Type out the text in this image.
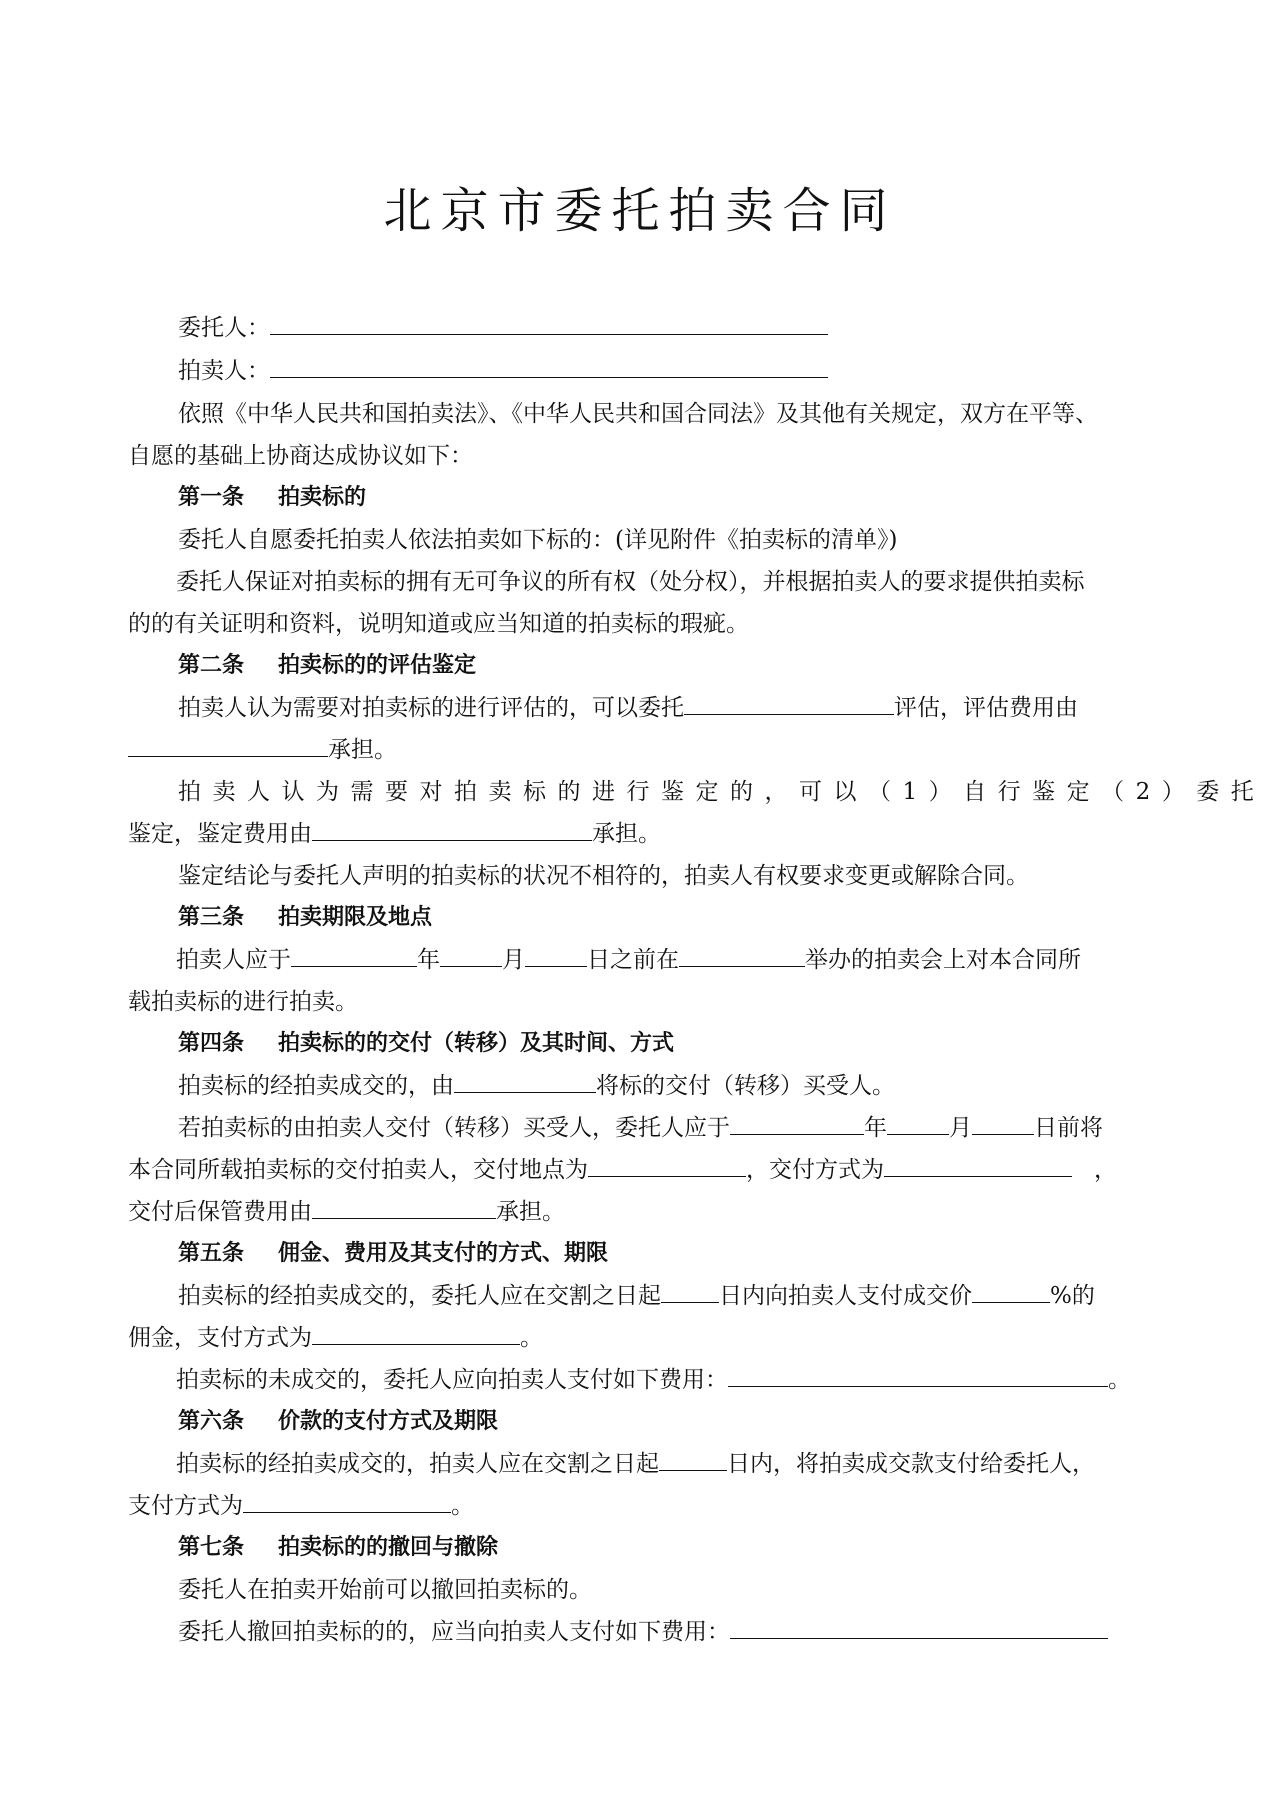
北京市委托拍卖合同
委托人：
拍卖人：
依照《中华人民共和国拍卖法》、《中华人民共和国合同法》及其他有关规定，双方在平等、
自愿的基础上协商达成协议如下：
第一条 拍卖标的
委托人自愿委托拍卖人依法拍卖如下标的：(详见附件《拍卖标的清单》)
委托人保证对拍卖标的拥有无可争议的所有权（处分权），并根据拍卖人的要求提供拍卖标
的的有关证明和资料，说明知道或应当知道的拍卖标的瑕疵。
第二条 拍卖标的的评估鉴定
拍卖人认为需要对拍卖标的进行评估的，可以委托	评估，评估费用由
承担。
拍卖人认为需要对拍卖标的进行鉴定的，可以（1）自行鉴定（2）委托
鉴定，鉴定费用由	承担。
鉴定结论与委托人声明的拍卖标的状况不相符的，拍卖人有权要求变更或解除合同。
第三条 拍卖期限及地点
拍卖人应于	年	月	日之前在	举办的拍卖会上对本合同所
载拍卖标的进行拍卖。
第四条 拍卖标的的交付（转移）及其时间、方式
拍卖标的经拍卖成交的，由	将标的交付（转移）买受人。
若拍卖标的由拍卖人交付（转移）买受人，委托人应于	年	月	日前将
本合同所载拍卖标的交付拍卖人，交付地点为	，交付方式为	，
交付后保管费用由	承担。
第五条 佣金、费用及其支付的方式、期限
拍卖标的经拍卖成交的，委托人应在交割之日起	日内向拍卖人支付成交价	%的
佣金，支付方式为	。
拍卖标的未成交的，委托人应向拍卖人支付如下费用：	。
第六条 价款的支付方式及期限
拍卖标的经拍卖成交的，拍卖人应在交割之日起	日内，将拍卖成交款支付给委托人，
支付方式为	。
第七条 拍卖标的的撤回与撤除
委托人在拍卖开始前可以撤回拍卖标的。
委托人撤回拍卖标的的，应当向拍卖人支付如下费用：
